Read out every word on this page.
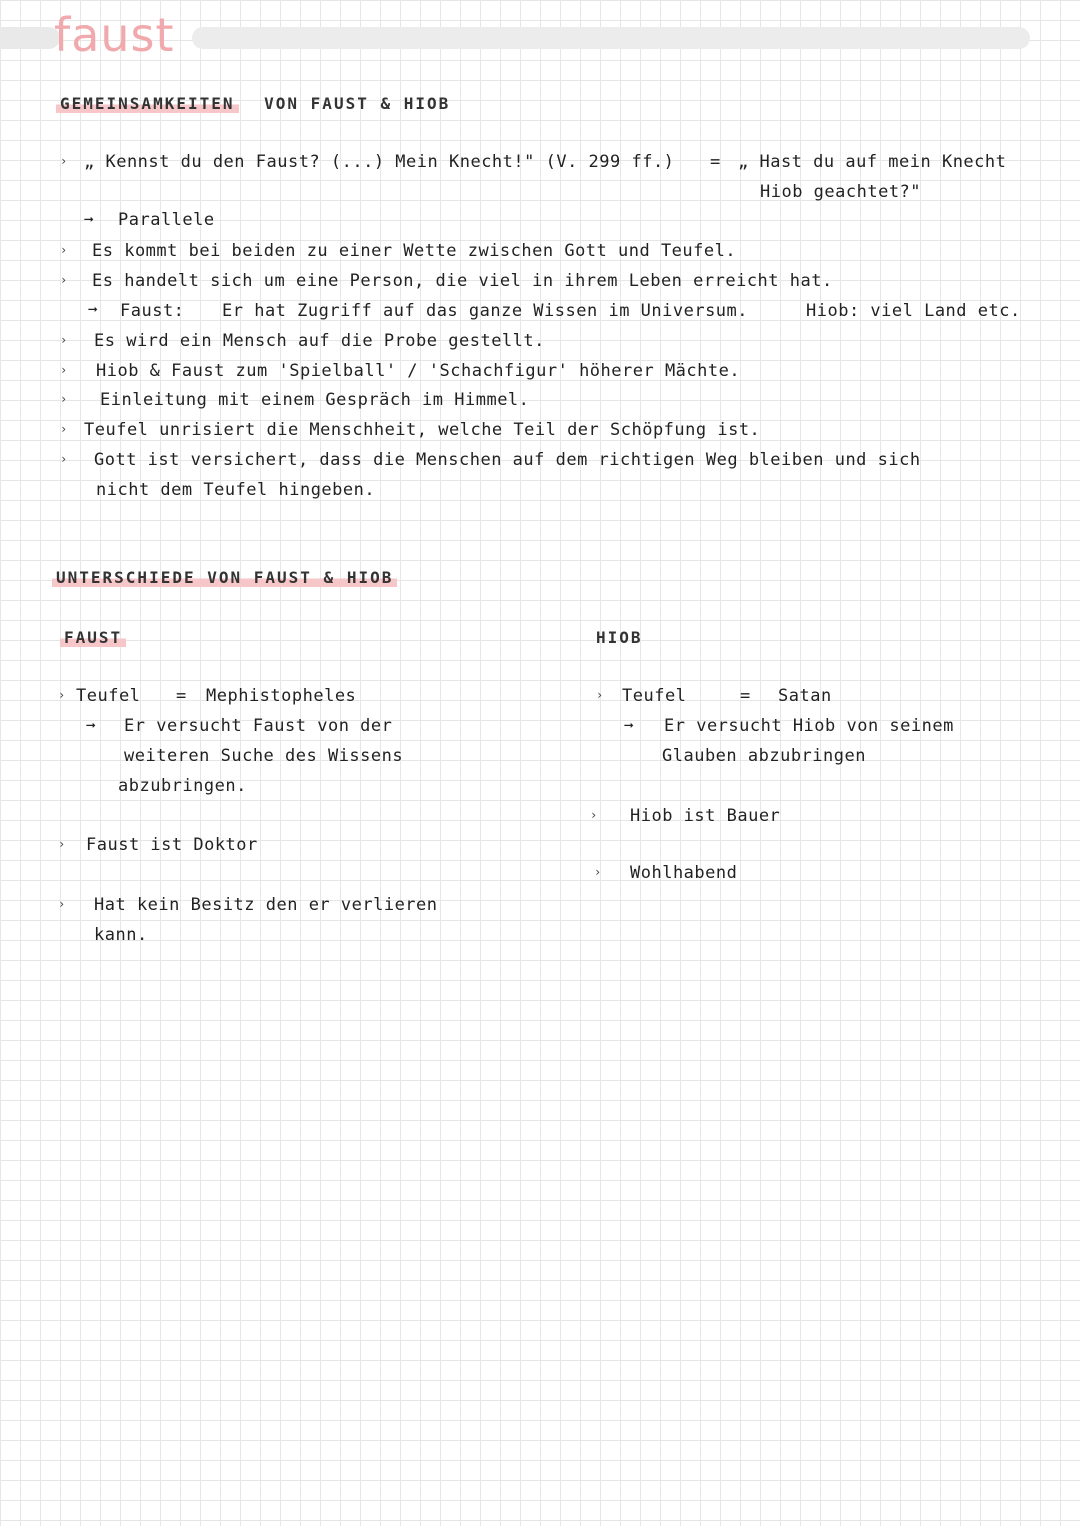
faust
GEMEINSAMKEITEN VON FAUST & HIOB
› „ Kennst du den Faust? (...) Mein Knecht!" (V. 299 ff.) = „ Hast du auf mein Knecht
Hiob geachtet?"
➞ Parallele
› Es kommt bei beiden zu einer Wette zwischen Gott und Teufel.
› Es handelt sich um eine Person, die viel in ihrem Leben erreicht hat.
➞ Faust: Er hat Zugriff auf das ganze Wissen im Universum.	Hiob: viel Land etc.
› Es wird ein Mensch auf die Probe gestellt.
› Hiob & Faust zum 'Spielball' / 'Schachfigur' höherer Mächte.
› Einleitung mit einem Gespräch im Himmel.
› Teufel unrisiert die Menschheit, welche Teil der Schöpfung ist.
› Gott ist versichert, dass die Menschen auf dem richtigen Weg bleiben und sich
nicht dem Teufel hingeben.
UNTERSCHIEDE VON FAUST & HIOB
FAUST
› Teufel = Mephistopheles
➞ Er versucht Faust von der
weiteren Suche des Wissens
abzubringen.
› Faust ist Doktor
› Hat kein Besitz den er verlieren
kann.
HIOB
› Teufel	= Satan
➞ Er versucht Hiob von seinem
Glauben abzubringen
› Hiob ist Bauer
› Wohlhabend
